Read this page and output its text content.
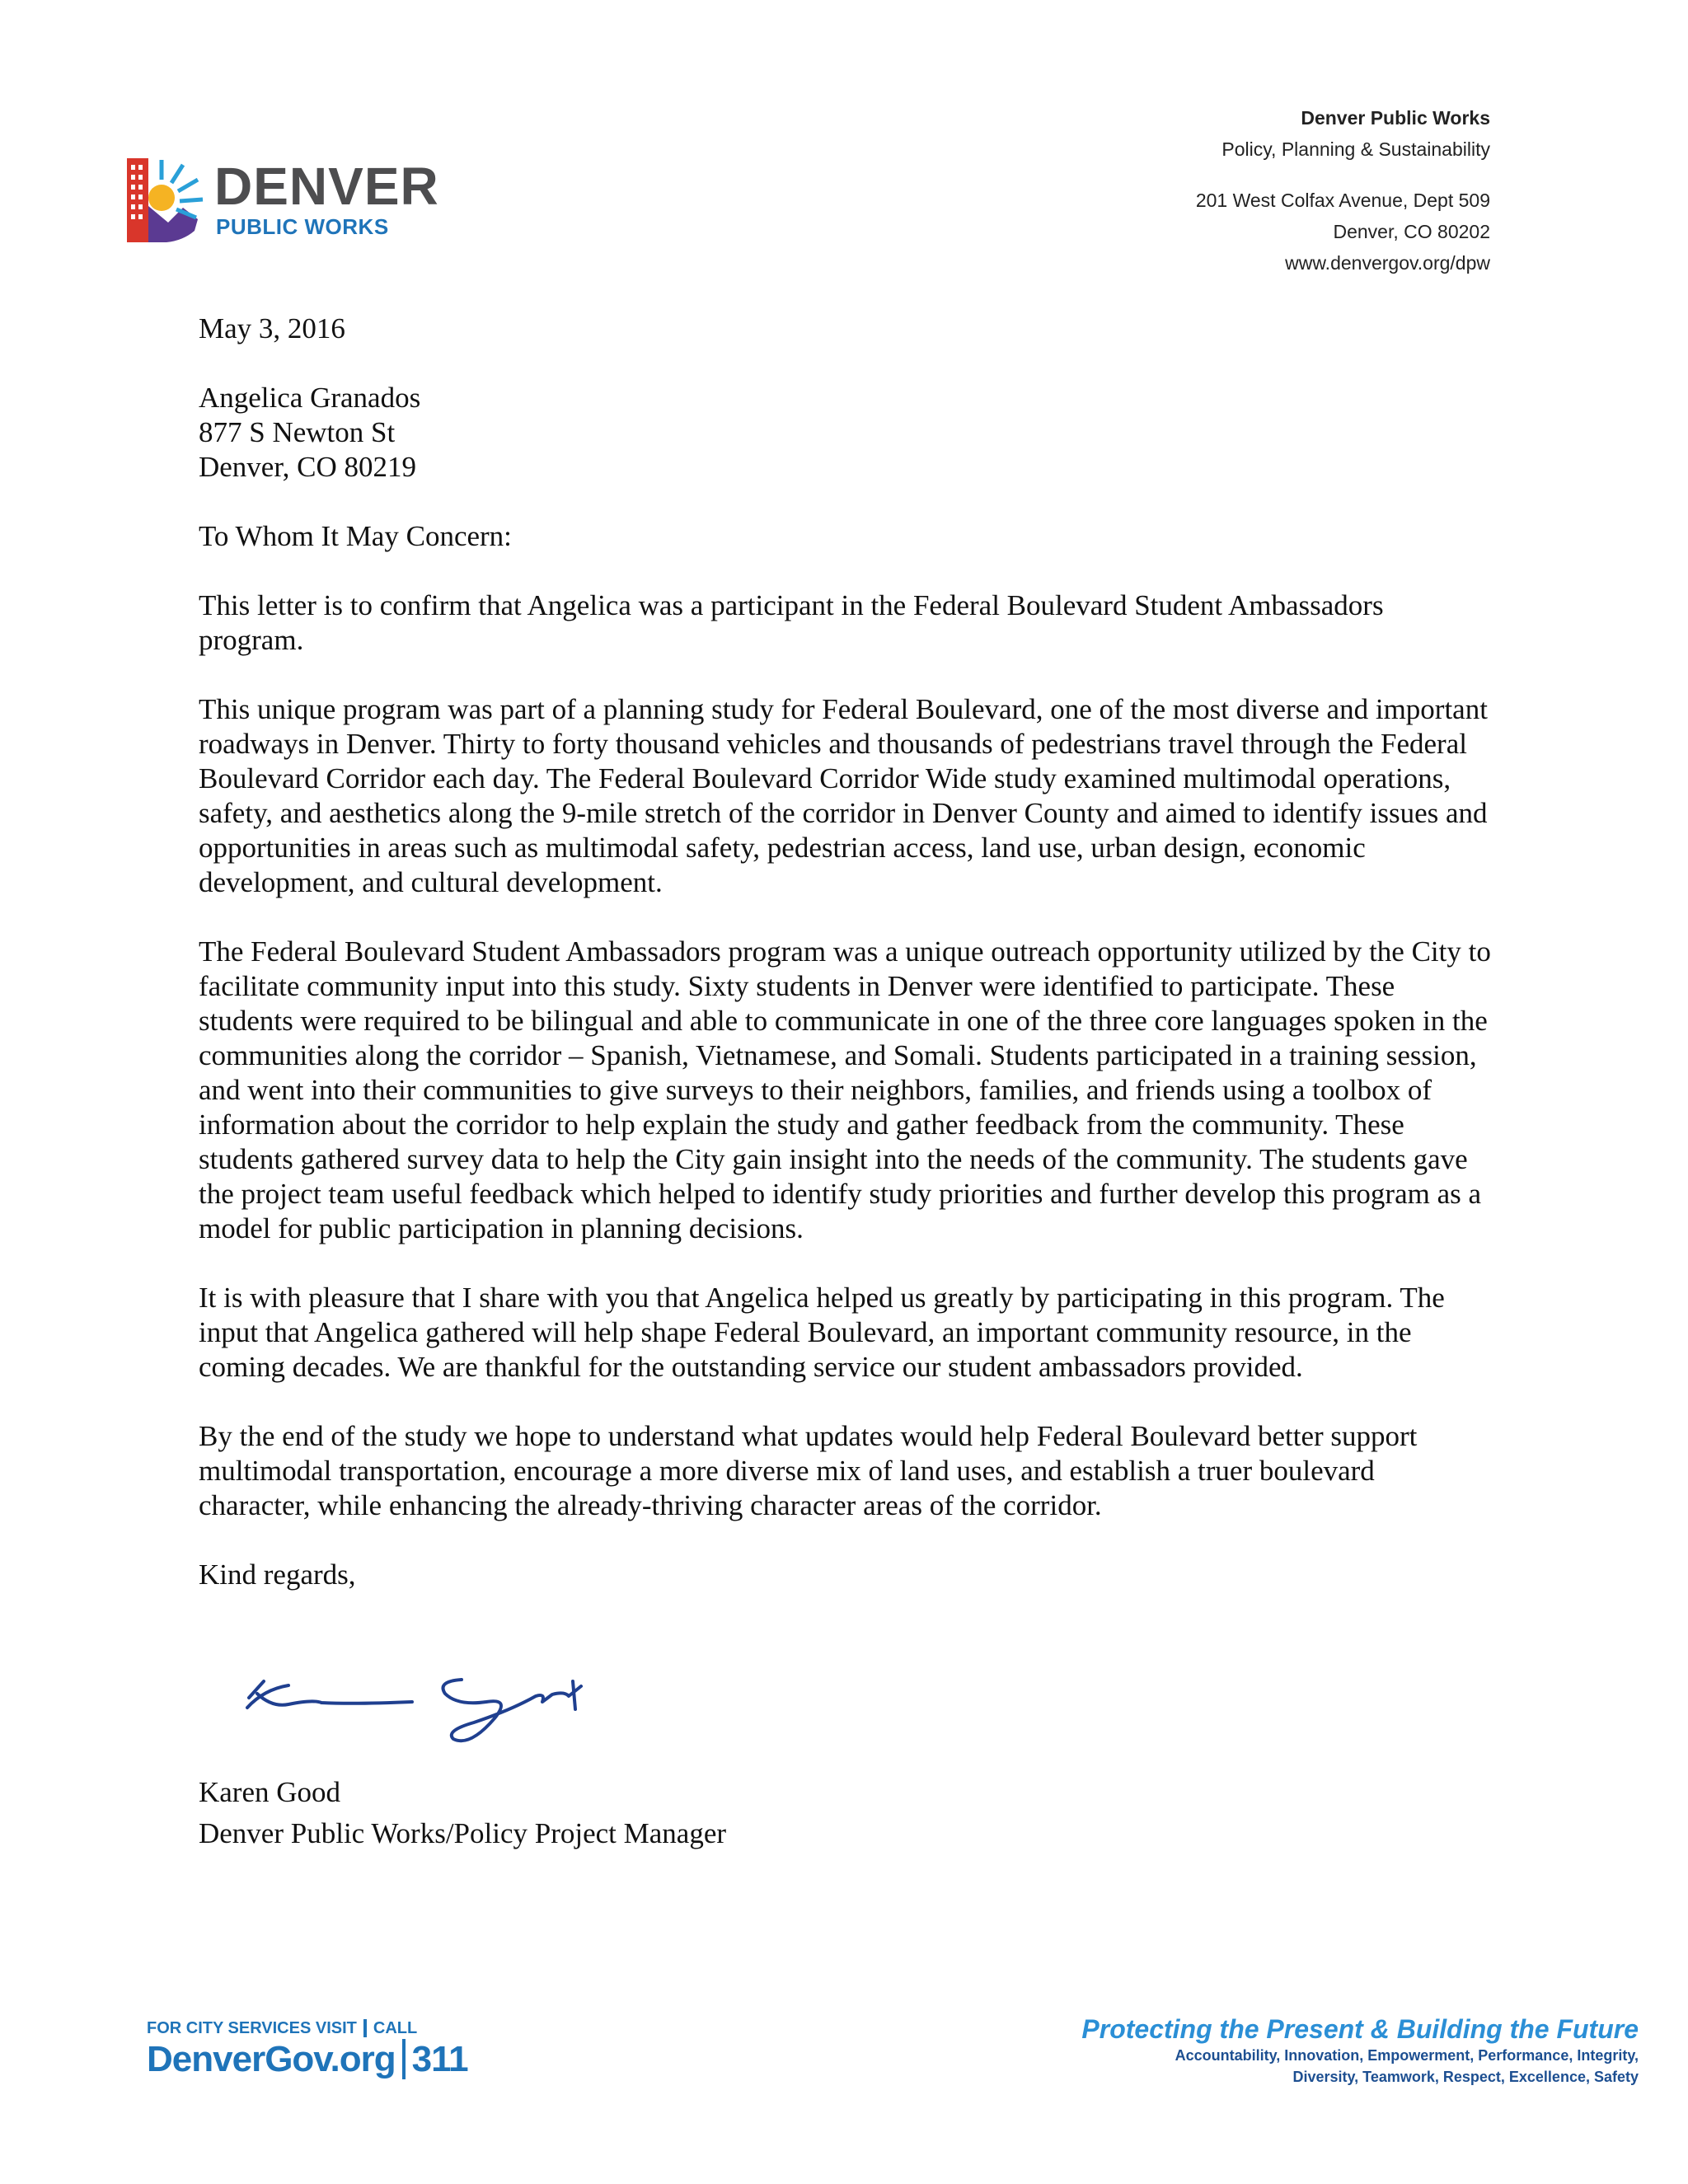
DENVER
PUBLIC WORKS
Denver Public Works
Policy, Planning & Sustainability
201 West Colfax Avenue, Dept 509
Denver, CO 80202
www.denvergov.org/dpw

May 3, 2016

Angelica Granados
877 S Newton St
Denver, CO 80219

To Whom It May Concern:

This letter is to confirm that Angelica was a participant in the Federal Boulevard Student Ambassadors program.

This unique program was part of a planning study for Federal Boulevard, one of the most diverse and important roadways in Denver. Thirty to forty thousand vehicles and thousands of pedestrians travel through the Federal Boulevard Corridor each day. The Federal Boulevard Corridor Wide study examined multimodal operations, safety, and aesthetics along the 9-mile stretch of the corridor in Denver County and aimed to identify issues and opportunities in areas such as multimodal safety, pedestrian access, land use, urban design, economic development, and cultural development.

The Federal Boulevard Student Ambassadors program was a unique outreach opportunity utilized by the City to facilitate community input into this study. Sixty students in Denver were identified to participate. These students were required to be bilingual and able to communicate in one of the three core languages spoken in the communities along the corridor – Spanish, Vietnamese, and Somali. Students participated in a training session, and went into their communities to give surveys to their neighbors, families, and friends using a toolbox of information about the corridor to help explain the study and gather feedback from the community. These students gathered survey data to help the City gain insight into the needs of the community. The students gave the project team useful feedback which helped to identify study priorities and further develop this program as a model for public participation in planning decisions.

It is with pleasure that I share with you that Angelica helped us greatly by participating in this program. The input that Angelica gathered will help shape Federal Boulevard, an important community resource, in the coming decades. We are thankful for the outstanding service our student ambassadors provided.

By the end of the study we hope to understand what updates would help Federal Boulevard better support multimodal transportation, encourage a more diverse mix of land uses, and establish a truer boulevard character, while enhancing the already-thriving character areas of the corridor.

Kind regards,

Karen Good
Denver Public Works/Policy Project Manager
FOR CITY SERVICES VISIT CALL
DenverGov.org 311
Protecting the Present & Building the Future
Accountability, Innovation, Empowerment, Performance, Integrity,
Diversity, Teamwork, Respect, Excellence, Safety
